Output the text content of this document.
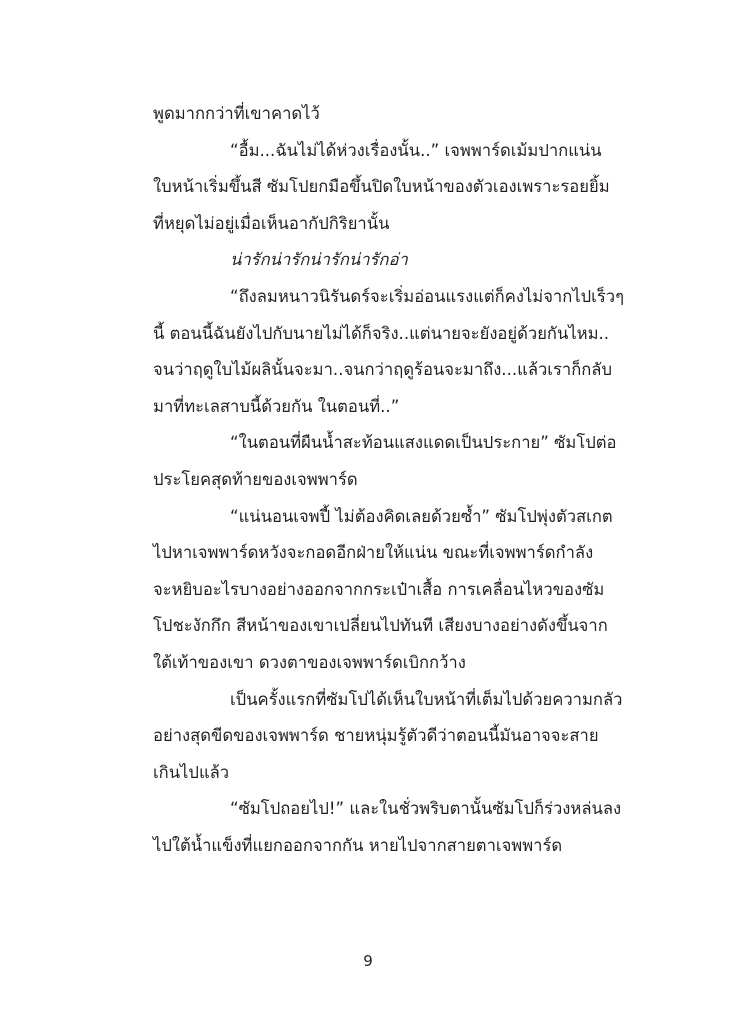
พูดมากกว่าที่เขาคาดไว้
“อื้ม...ฉันไม่ได้ห่วงเรื่องนั้น..” เจพพาร์ดเม้มปากแน่น
ใบหน้าเริ่มขึ้นสี ซัมโปยกมือขึ้นปิดใบหน้าของตัวเองเพราะรอยยิ้ม
ที่หยุดไม่อยู่เมื่อเห็นอากัปกิริยานั้น
น่ารักน่ารักน่ารักน่ารักอ่า
“ถึงลมหนาวนิรันดร์จะเริ่มอ่อนแรงแต่ก็คงไม่จากไปเร็วๆ
นี้ ตอนนี้ฉันยังไปกับนายไม่ได้ก็จริง..แต่นายจะยังอยู่ด้วยกันไหม..
จนว่าฤดูใบไม้ผลินั้นจะมา..จนกว่าฤดูร้อนจะมาถึง...แล้วเราก็กลับ
มาที่ทะเลสาบนี้ด้วยกัน ในตอนที่..”
“ในตอนที่ผืนน้ำสะท้อนแสงแดดเป็นประกาย” ซัมโปต่อ
ประโยคสุดท้ายของเจพพาร์ด
“แน่นอนเจพปี้ ไม่ต้องคิดเลยด้วยซ้ำ” ซัมโปพุ่งตัวสเกต
ไปหาเจพพาร์ดหวังจะกอดอีกฝ่ายให้แน่น ขณะที่เจพพาร์ดกำลัง
จะหยิบอะไรบางอย่างออกจากกระเป๋าเสื้อ การเคลื่อนไหวของซัม
โปชะงักกึก สีหน้าของเขาเปลี่ยนไปทันที เสียงบางอย่างดังขึ้นจาก
ใต้เท้าของเขา ดวงตาของเจพพาร์ดเบิกกว้าง
เป็นครั้งแรกที่ซัมโปได้เห็นใบหน้าที่เต็มไปด้วยความกลัว
อย่างสุดขีดของเจพพาร์ด ชายหนุ่มรู้ตัวดีว่าตอนนี้มันอาจจะสาย
เกินไปแล้ว
“ซัมโปถอยไป!” และในชั่วพริบตานั้นซัมโปก็ร่วงหล่นลง
ไปใต้น้ำแข็งที่แยกออกจากกัน หายไปจากสายตาเจพพาร์ด
9
